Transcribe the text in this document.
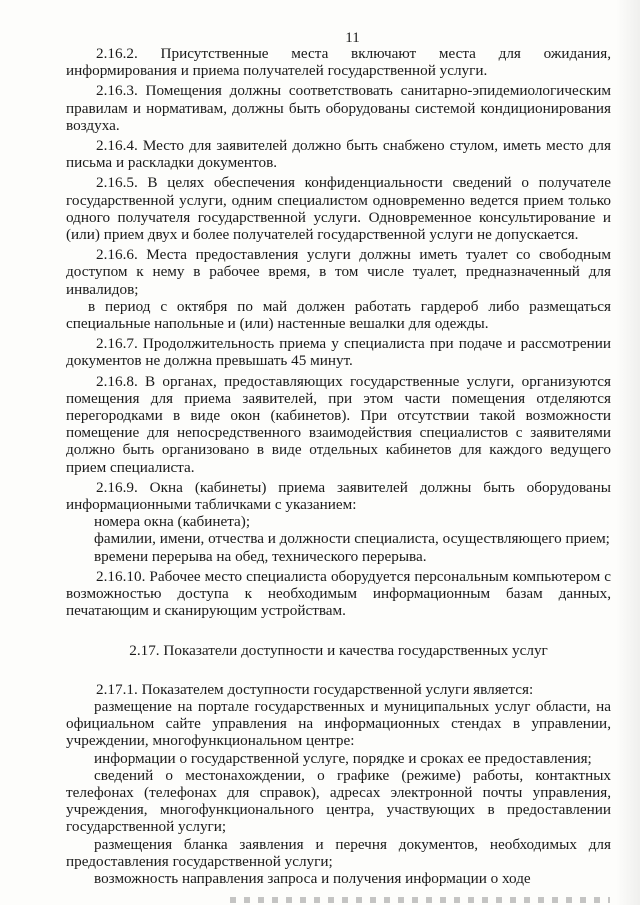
11

2.16.2. Присутственные места включают места для ожидания, информирования и приема получателей государственной услуги.

2.16.3. Помещения должны соответствовать санитарно-эпидемиологическим правилам и нормативам, должны быть оборудованы системой кондиционирования воздуха.

2.16.4. Место для заявителей должно быть снабжено стулом, иметь место для письма и раскладки документов.

2.16.5. В целях обеспечения конфиденциальности сведений о получателе государственной услуги, одним специалистом одновременно ведется прием только одного получателя государственной услуги. Одновременное консультирование и (или) прием двух и более получателей государственной услуги не допускается.

2.16.6. Места предоставления услуги должны иметь туалет со свободным доступом к нему в рабочее время, в том числе туалет, предназначенный для инвалидов;

в период с октября по май должен работать гардероб либо размещаться специальные напольные и (или) настенные вешалки для одежды.

2.16.7. Продолжительность приема у специалиста при подаче и рассмотрении документов не должна превышать 45 минут.

2.16.8. В органах, предоставляющих государственные услуги, организуются помещения для приема заявителей, при этом части помещения отделяются перегородками в виде окон (кабинетов). При отсутствии такой возможности помещение для непосредственного взаимодействия специалистов с заявителями должно быть организовано в виде отдельных кабинетов для каждого ведущего прием специалиста.

2.16.9. Окна (кабинеты) приема заявителей должны быть оборудованы информационными табличками с указанием:

номера окна (кабинета);

фамилии, имени, отчества и должности специалиста, осуществляющего прием;

времени перерыва на обед, технического перерыва.

2.16.10. Рабочее место специалиста оборудуется персональным компьютером с возможностью доступа к необходимым информационным базам данных, печатающим и сканирующим устройствам.

2.17. Показатели доступности и качества государственных услуг

2.17.1. Показателем доступности государственной услуги является:

размещение на портале государственных и муниципальных услуг области, на официальном сайте управления на информационных стендах в управлении, учреждении, многофункциональном центре:

информации о государственной услуге, порядке и сроках ее предоставления;

сведений о местонахождении, о графике (режиме) работы, контактных телефонах (телефонах для справок), адресах электронной почты управления, учреждения, многофункционального центра, участвующих в предоставлении государственной услуги;

размещения бланка заявления и перечня документов, необходимых для предоставления государственной услуги;

возможность направления запроса и получения информации о ходе
